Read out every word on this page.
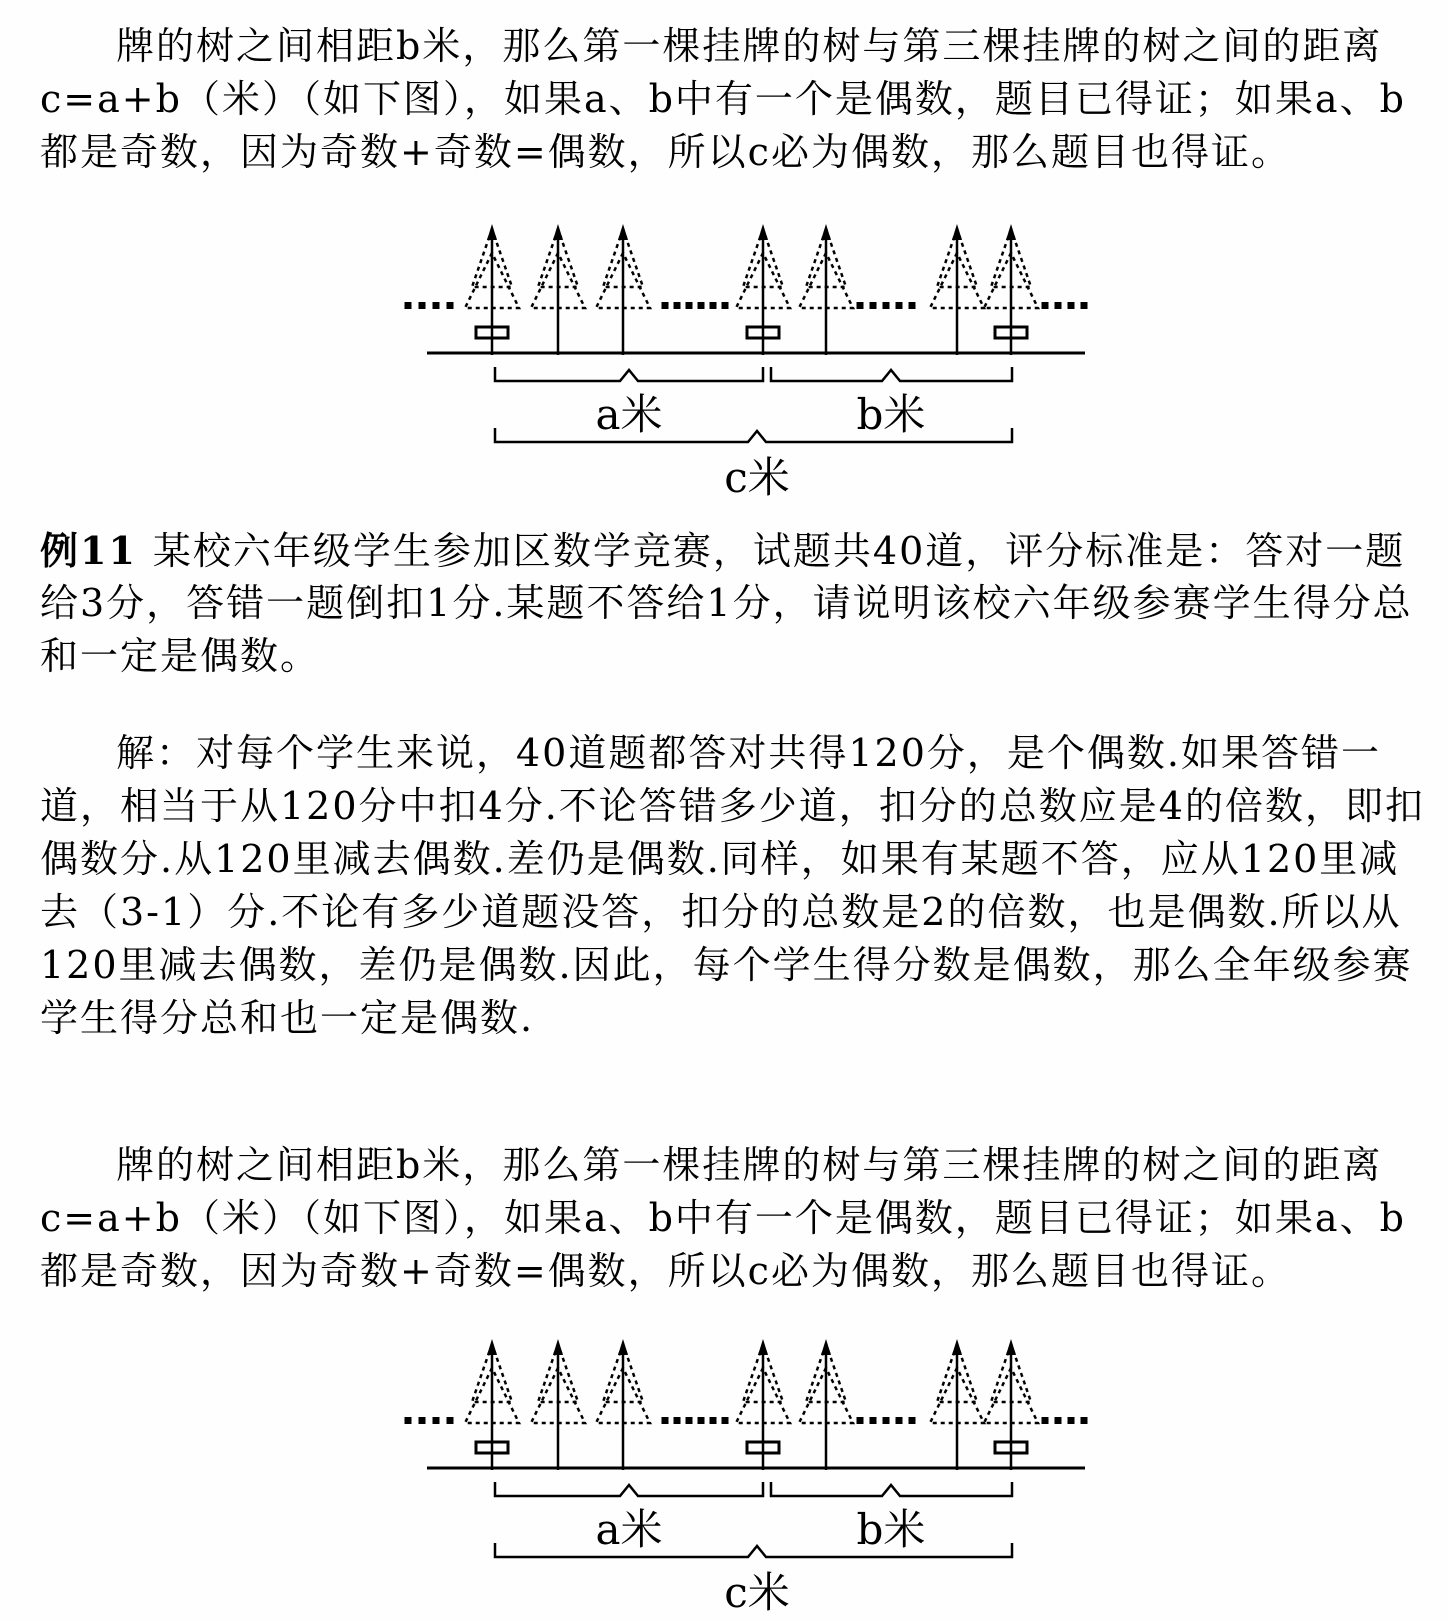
牌的树之间相距b米，那么第一棵挂牌的树与第三棵挂牌的树之间的距离
c=a+b（米）（如下图），如果a、b中有一个是偶数，题目已得证；如果a、b
都是奇数，因为奇数+奇数=偶数，所以c必为偶数，那么题目也得证。
a米	b米
c米
例11 某校六年级学生参加区数学竞赛，试题共40道，评分标准是：答对一题
给3分，答错一题倒扣1分.某题不答给1分，请说明该校六年级参赛学生得分总
和一定是偶数。
解：对每个学生来说，40道题都答对共得120分，是个偶数.如果答错一
道，相当于从120分中扣4分.不论答错多少道，扣分的总数应是4的倍数，即扣
偶数分.从120里减去偶数.差仍是偶数.同样，如果有某题不答，应从120里减
去（3-1）分.不论有多少道题没答，扣分的总数是2的倍数，也是偶数.所以从
120里减去偶数，差仍是偶数.因此，每个学生得分数是偶数，那么全年级参赛
学生得分总和也一定是偶数.
牌的树之间相距b米，那么第一棵挂牌的树与第三棵挂牌的树之间的距离
c=a+b（米）（如下图），如果a、b中有一个是偶数，题目已得证；如果a、b
都是奇数，因为奇数+奇数=偶数，所以c必为偶数，那么题目也得证。
a米	b米
c米
